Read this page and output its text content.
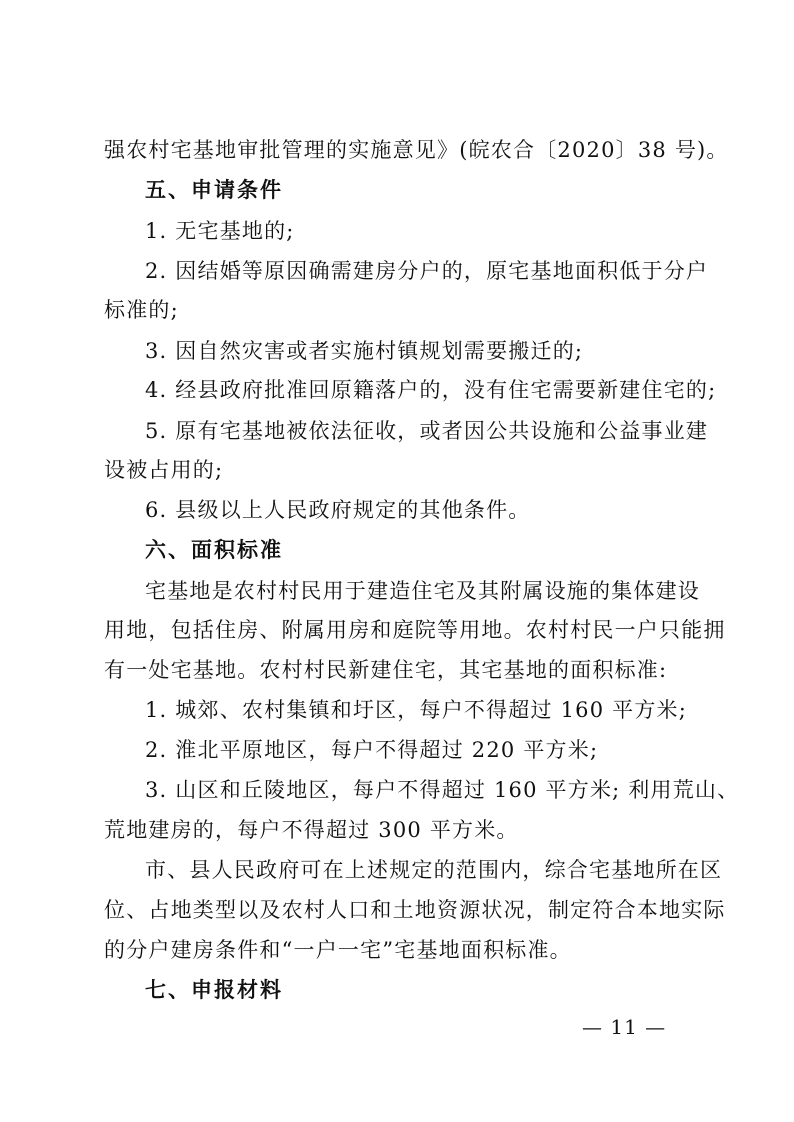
强农村宅基地审批管理的实施意见》(皖农合〔2020〕38 号)。
五、申请条件
1. 无宅基地的;
2. 因结婚等原因确需建房分户的，原宅基地面积低于分户
标准的;
3. 因自然灾害或者实施村镇规划需要搬迁的;
4. 经县政府批准回原籍落户的，没有住宅需要新建住宅的;
5. 原有宅基地被依法征收，或者因公共设施和公益事业建
设被占用的;
6. 县级以上人民政府规定的其他条件。
六、面积标准
宅基地是农村村民用于建造住宅及其附属设施的集体建设
用地，包括住房、附属用房和庭院等用地。农村村民一户只能拥
有一处宅基地。农村村民新建住宅，其宅基地的面积标准:
1. 城郊、农村集镇和圩区，每户不得超过 160 平方米;
2. 淮北平原地区，每户不得超过 220 平方米;
3. 山区和丘陵地区，每户不得超过 160 平方米; 利用荒山、
荒地建房的，每户不得超过 300 平方米。
市、县人民政府可在上述规定的范围内，综合宅基地所在区
位、占地类型以及农村人口和土地资源状况，制定符合本地实际
的分户建房条件和“一户一宅”宅基地面积标准。
七、申报材料
— 11 —
